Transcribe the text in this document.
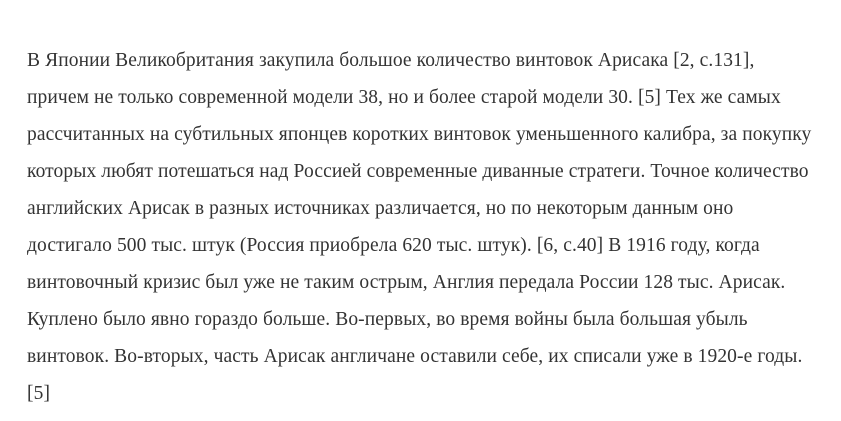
В Японии Великобритания закупила большое количество винтовок Арисака [2, с.131], причем не только современной модели 38, но и более старой модели 30. [5] Тех же самых рассчитанных на субтильных японцев коротких винтовок уменьшенного калибра, за покупку которых любят потешаться над Россией современные диванные стратеги. Точное количество английских Арисак в разных источниках различается, но по некоторым данным оно достигало 500 тыс. штук (Россия приобрела 620 тыс. штук). [6, с.40] В 1916 году, когда винтовочный кризис был уже не таким острым, Англия передала России 128 тыс. Арисак. Куплено было явно гораздо больше. Во-первых, во время войны была большая убыль винтовок. Во-вторых, часть Арисак англичане оставили себе, их списали уже в 1920-е годы. [5]
